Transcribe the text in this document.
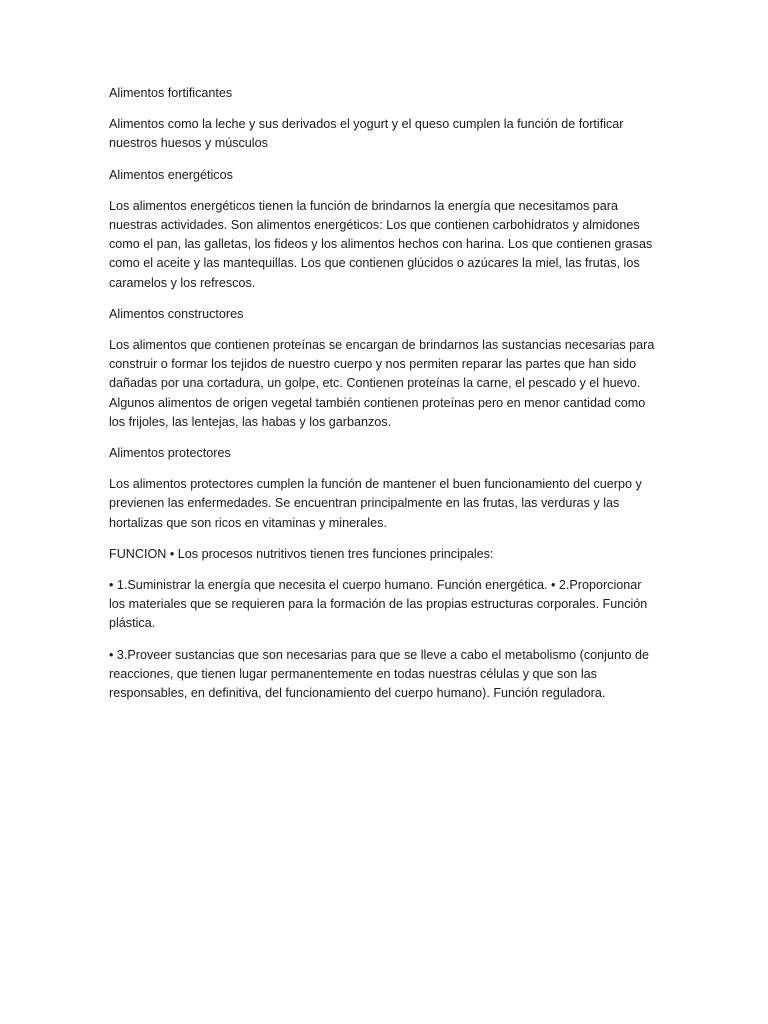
Alimentos fortificantes

Alimentos como la leche y sus derivados el yogurt y el queso cumplen la función de fortificar nuestros huesos y músculos

Alimentos energéticos

Los alimentos energéticos tienen la función de brindarnos la energía que necesitamos para nuestras actividades. Son alimentos energéticos: Los que contienen carbohidratos y almidones como el pan, las galletas, los fideos y los alimentos hechos con harina. Los que contienen grasas como el aceite y las mantequillas. Los que contienen glúcidos o azúcares la miel, las frutas, los caramelos y los refrescos.

Alimentos constructores

Los alimentos que contienen proteínas se encargan de brindarnos las sustancias necesarias para construir o formar los tejidos de nuestro cuerpo y nos permiten reparar las partes que han sido dañadas por una cortadura, un golpe, etc. Contienen proteínas la carne, el pescado y el huevo. Algunos alimentos de origen vegetal también contienen proteínas pero en menor cantidad como los frijoles, las lentejas, las habas y los garbanzos.

Alimentos protectores

Los alimentos protectores cumplen la función de mantener el buen funcionamiento del cuerpo y previenen las enfermedades. Se encuentran principalmente en las frutas, las verduras y las hortalizas que son ricos en vitaminas y minerales.

FUNCION • Los procesos nutritivos tienen tres funciones principales:

• 1.Suministrar la energía que necesita el cuerpo humano. Función energética. • 2.Proporcionar los materiales que se requieren para la formación de las propias estructuras corporales. Función plástica.

• 3.Proveer sustancias que son necesarias para que se lleve a cabo el metabolismo (conjunto de reacciones, que tienen lugar permanentemente en todas nuestras células y que son las responsables, en definitiva, del funcionamiento del cuerpo humano). Función reguladora.
